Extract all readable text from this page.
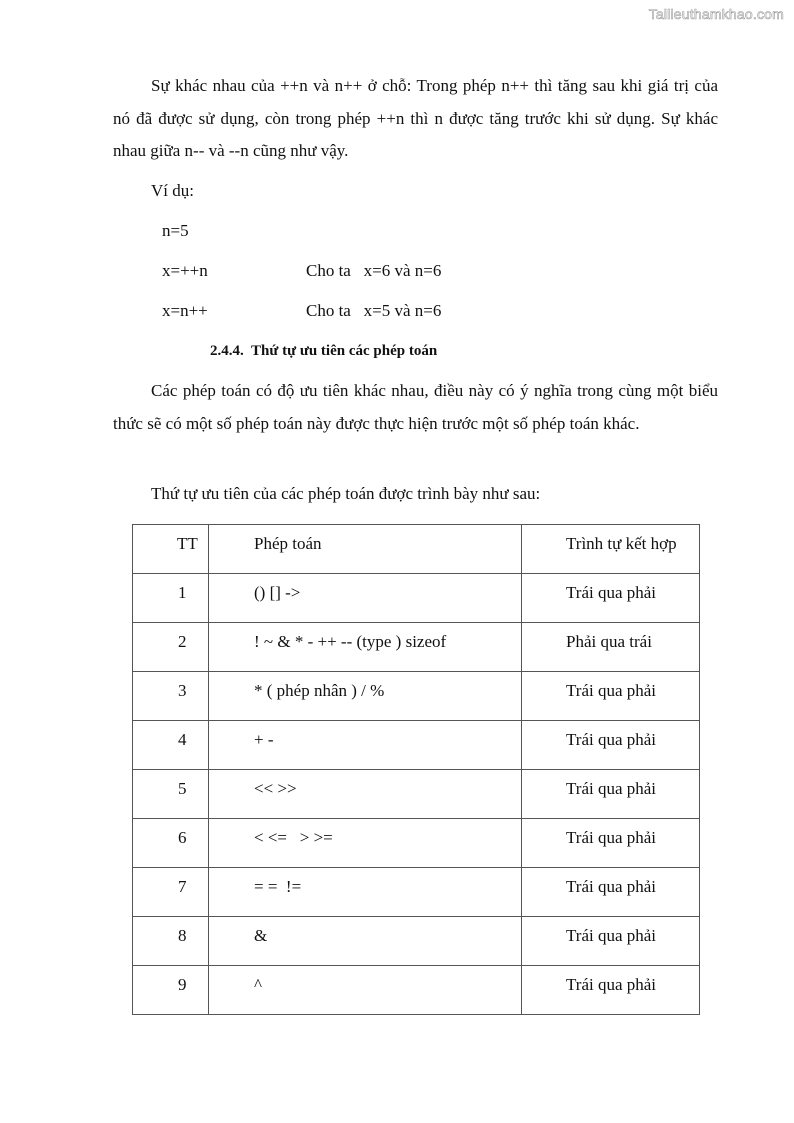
Tailieuthamkhao.com

Sự khác nhau của ++n và n++ ở chỗ: Trong phép n++ thì tăng sau khi giá trị của nó đã được sử dụng, còn trong phép ++n thì n được tăng trước khi sử dụng. Sự khác nhau giữa n-- và --n cũng như vậy.

Ví dụ:
n=5
x=++n	Cho ta   x=6 và n=6
x=n++	Cho ta   x=5 và n=6
2.4.4.  Thứ tự ưu tiên các phép toán

Các phép toán có độ ưu tiên khác nhau, điều này có ý nghĩa trong cùng một biểu thức sẽ có một số phép toán này được thực hiện trước một số phép toán khác.

Thứ tự ưu tiên của các phép toán được trình bày như sau:
TT	Phép toán	Trình tự kết hợp

1	() [] ->	Trái qua phải

2	! ~ & * - ++ -- (type ) sizeof	Phải qua trái

3	* ( phép nhân ) / %	Trái qua phải

4	+ -	Trái qua phải

5	<< >>	Trái qua phải

6	< <=   > >=	Trái qua phải

7	= =  !=	Trái qua phải

8	&	Trái qua phải

9	^	Trái qua phải
